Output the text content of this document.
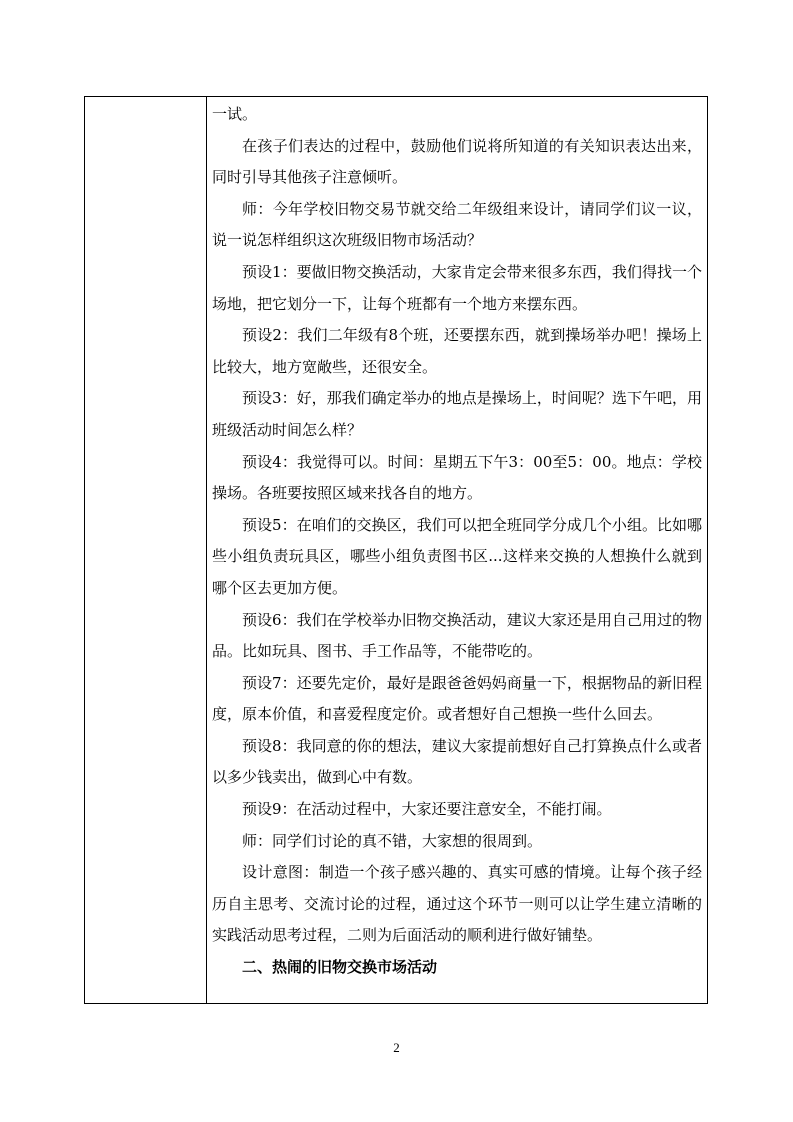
一试。

在孩子们表达的过程中，鼓励他们说将所知道的有关知识表达出来，同时引导其他孩子注意倾听。

师：今年学校旧物交易节就交给二年级组来设计，请同学们议一议，说一说怎样组织这次班级旧物市场活动？

预设1：要做旧物交换活动，大家肯定会带来很多东西，我们得找一个场地，把它划分一下，让每个班都有一个地方来摆东西。

预设2：我们二年级有8个班，还要摆东西，就到操场举办吧！操场上比较大，地方宽敞些，还很安全。

预设3：好，那我们确定举办的地点是操场上，时间呢？选下午吧，用班级活动时间怎么样？

预设4：我觉得可以。时间：星期五下午3：00至5：00。地点：学校操场。各班要按照区域来找各自的地方。

预设5：在咱们的交换区，我们可以把全班同学分成几个小组。比如哪些小组负责玩具区，哪些小组负责图书区...这样来交换的人想换什么就到哪个区去更加方便。

预设6：我们在学校举办旧物交换活动，建议大家还是用自己用过的物品。比如玩具、图书、手工作品等，不能带吃的。

预设7：还要先定价，最好是跟爸爸妈妈商量一下，根据物品的新旧程度，原本价值，和喜爱程度定价。或者想好自己想换一些什么回去。

预设8：我同意的你的想法，建议大家提前想好自己打算换点什么或者以多少钱卖出，做到心中有数。

预设9：在活动过程中，大家还要注意安全，不能打闹。

师：同学们讨论的真不错，大家想的很周到。

设计意图：制造一个孩子感兴趣的、真实可感的情境。让每个孩子经历自主思考、交流讨论的过程，通过这个环节一则可以让学生建立清晰的实践活动思考过程，二则为后面活动的顺利进行做好铺垫。

二、热闹的旧物交换市场活动

2
